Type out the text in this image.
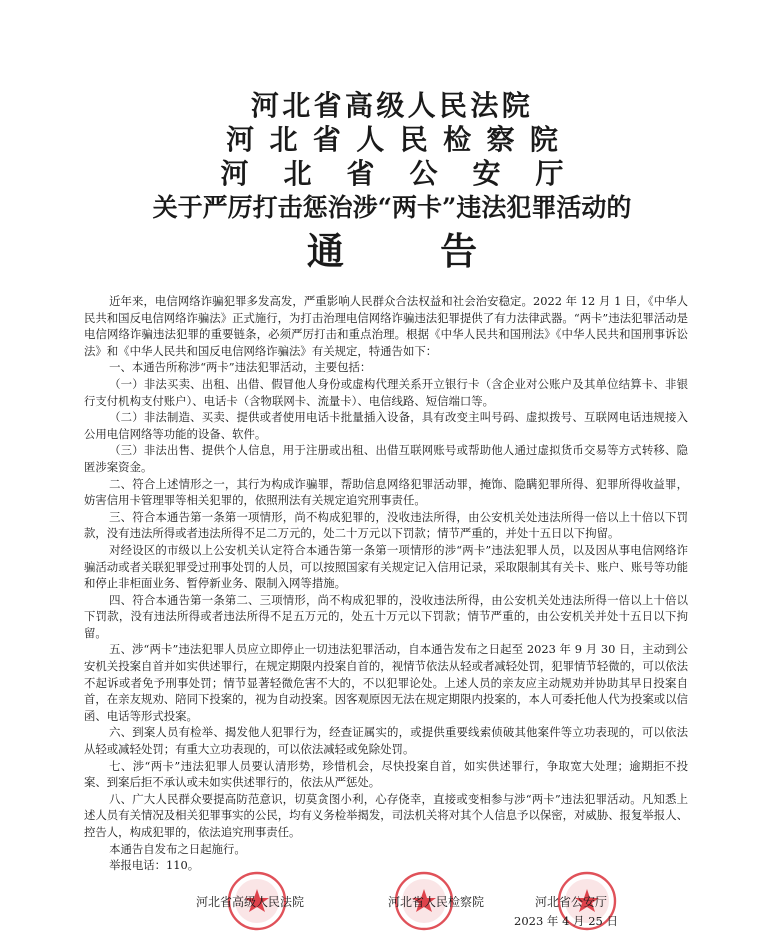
河北省高级人民法院
河北省人民检察院
河北省公安厅
关于严厉打击惩治涉“两卡”违法犯罪活动的
通告

近年来，电信网络诈骗犯罪多发高发，严重影响人民群众合法权益和社会治安稳定。2022 年 12 月 1 日，《中华人民共和国反电信网络诈骗法》正式施行，为打击治理电信网络诈骗违法犯罪提供了有力法律武器。“两卡”违法犯罪活动是电信网络诈骗违法犯罪的重要链条，必须严厉打击和重点治理。根据《中华人民共和国刑法》《中华人民共和国刑事诉讼法》和《中华人民共和国反电信网络诈骗法》有关规定，特通告如下：

一、本通告所称涉“两卡”违法犯罪活动，主要包括：

（一）非法买卖、出租、出借、假冒他人身份或虚构代理关系开立银行卡（含企业对公账户及其单位结算卡、非银行支付机构支付账户）、电话卡（含物联网卡、流量卡）、电信线路、短信端口等。

（二）非法制造、买卖、提供或者使用电话卡批量插入设备，具有改变主叫号码、虚拟拨号、互联网电话违规接入公用电信网络等功能的设备、软件。

（三）非法出售、提供个人信息，用于注册或出租、出借互联网账号或帮助他人通过虚拟货币交易等方式转移、隐匿涉案资金。

二、符合上述情形之一，其行为构成诈骗罪，帮助信息网络犯罪活动罪，掩饰、隐瞒犯罪所得、犯罪所得收益罪，妨害信用卡管理罪等相关犯罪的，依照刑法有关规定追究刑事责任。

三、符合本通告第一条第一项情形，尚不构成犯罪的，没收违法所得，由公安机关处违法所得一倍以上十倍以下罚款，没有违法所得或者违法所得不足二万元的，处二十万元以下罚款；情节严重的，并处十五日以下拘留。

对经设区的市级以上公安机关认定符合本通告第一条第一项情形的涉“两卡”违法犯罪人员，以及因从事电信网络诈骗活动或者关联犯罪受过刑事处罚的人员，可以按照国家有关规定记入信用记录，采取限制其有关卡、账户、账号等功能和停止非柜面业务、暂停新业务、限制入网等措施。

四、符合本通告第一条第二、三项情形，尚不构成犯罪的，没收违法所得，由公安机关处违法所得一倍以上十倍以下罚款，没有违法所得或者违法所得不足五万元的，处五十万元以下罚款；情节严重的，由公安机关并处十五日以下拘留。

五、涉“两卡”违法犯罪人员应立即停止一切违法犯罪活动，自本通告发布之日起至 2023 年 9 月 30 日，主动到公安机关投案自首并如实供述罪行，在规定期限内投案自首的，视情节依法从轻或者减轻处罚，犯罪情节轻微的，可以依法不起诉或者免予刑事处罚；情节显著轻微危害不大的，不以犯罪论处。上述人员的亲友应主动规劝并协助其早日投案自首，在亲友规劝、陪同下投案的，视为自动投案。因客观原因无法在规定期限内投案的，本人可委托他人代为投案或以信函、电话等形式投案。

六、到案人员有检举、揭发他人犯罪行为，经查证属实的，或提供重要线索侦破其他案件等立功表现的，可以依法从轻或减轻处罚；有重大立功表现的，可以依法减轻或免除处罚。

七、涉“两卡”违法犯罪人员要认清形势，珍惜机会，尽快投案自首，如实供述罪行，争取宽大处理；逾期拒不投案、到案后拒不承认或未如实供述罪行的，依法从严惩处。

八、广大人民群众要提高防范意识，切莫贪图小利，心存侥幸，直接或变相参与涉“两卡”违法犯罪活动。凡知悉上述人员有关情况及相关犯罪事实的公民，均有义务检举揭发，司法机关将对其个人信息予以保密，对威胁、报复举报人、控告人，构成犯罪的，依法追究刑事责任。

本通告自发布之日起施行。

举报电话：110。

河北省高级人民法院	河北省人民检察院	河北省公安厅
2023 年 4 月 25 日
